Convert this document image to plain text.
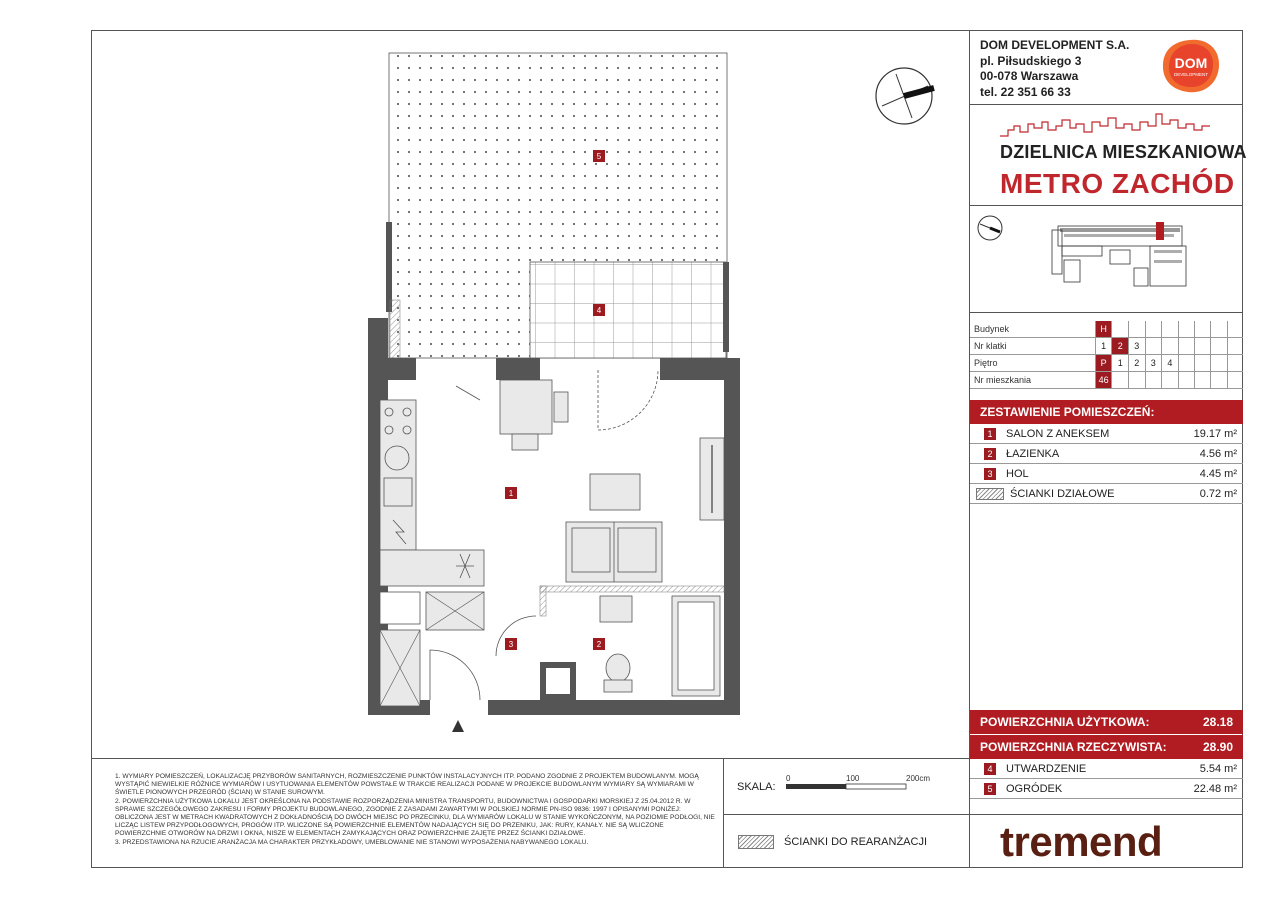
DOM DEVELOPMENT S.A.
pl. Piłsudskiego 3
00-078 Warszawa
tel. 22 351 66 33
DOM
DEVELOPMENT
DZIELNICA MIESZKANIOWA
METRO ZACHÓD
Budynek	H								
Nr klatki	1	2	3						
Piętro	P	1	2	3	4				
Nr mieszkania	46								
ZESTAWIENIE POMIESZCZEŃ:
1	SALON Z ANEKSEM	19.17 m²
2	ŁAZIENKA	4.56 m²
3	HOL	4.45 m²
ŚCIANKI DZIAŁOWE	0.72 m²
POWIERZCHNIA UŻYTKOWA:	28.18
POWIERZCHNIA RZECZYWISTA:	28.90
4	UTWARDZENIE	5.54 m²
5	OGRÓDEK	22.48 m²
tremend
1. WYMIARY POMIESZCZEŃ, LOKALIZACJĘ PRZYBORÓW SANITARNYCH, ROZMIESZCZENIE PUNKTÓW INSTALACYJNYCH ITP. PODANO ZGODNIE Z PROJEKTEM BUDOWLANYM. MOGĄ WYSTĄPIĆ NIEWIELKIE RÓŻNICE WYMIARÓW I USYTUOWANIA ELEMENTÓW POWSTAŁE W TRAKCIE REALIZACJI PODANE W PROJEKCIE BUDOWLANYM WYMIARY SĄ WYMIARAMI W ŚWIETLE PIONOWYCH PRZEGRÓD (ŚCIAN) W STANIE SUROWYM.
2. POWIERZCHNIA UŻYTKOWA LOKALU JEST OKREŚLONA NA PODSTAWIE ROZPORZĄDZENIA MINISTRA TRANSPORTU, BUDOWNICTWA I GOSPODARKI MORSKIEJ Z 25.04.2012 R. W SPRAWIE SZCZEGÓŁOWEGO ZAKRESU I FORMY PROJEKTU BUDOWLANEGO, ZGODNIE Z ZASADAMI ZAWARTYMI W POLSKIEJ NORMIE PN-ISO 9836: 1997 I OPISANYMI PONIŻEJ: OBLICZONA JEST W METRACH KWADRATOWYCH Z DOKŁADNOŚCIĄ DO DWÓCH MIEJSC PO PRZECINKU, DLA WYMIARÓW LOKALU W STANIE WYKOŃCZONYM, NA POZIOMIE PODŁOGI, NIE LICZĄC LISTEW PRZYPODŁOGOWYCH, PROGÓW ITP. WLICZONE SĄ POWIERZCHNIE ELEMENTÓW NADAJĄCYCH SIĘ DO PRZENIKU, JAK: RURY, KANAŁY. NIE SĄ WLICZONE POWIERZCHNIE OTWORÓW NA DRZWI I OKNA, NISZE W ELEMENTACH ZAMYKAJĄCYCH ORAZ POWIERZCHNIE ZAJĘTE PRZEZ ŚCIANKI DZIAŁOWE.
3. PRZEDSTAWIONA NA RZUCIE ARANŻACJA MA CHARAKTER PRZYKŁADOWY, UMEBLOWANIE NIE STANOWI WYPOSAŻENIA NABYWANEGO LOKALU.
SKALA:
0	100	200cm
ŚCIANKI DO REARANŻACJI
1
2
3
4
5
